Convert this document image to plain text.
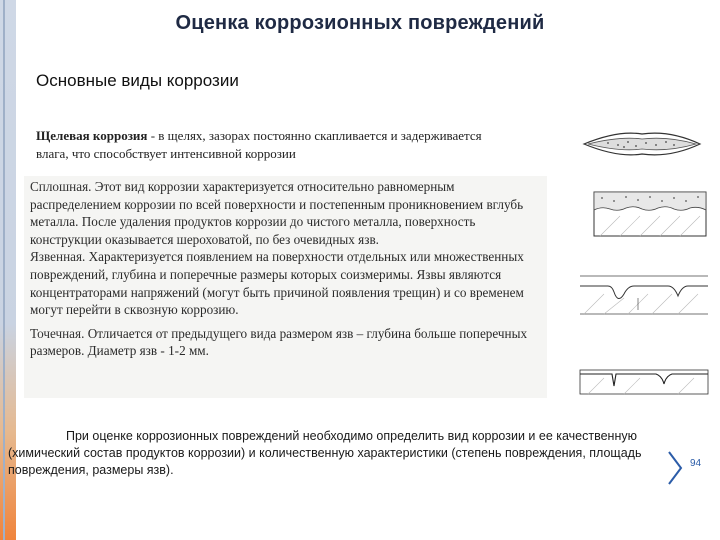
Оценка коррозионных повреждений
Основные виды коррозии
Щелевая коррозия - в щелях, зазорах постоянно скапливается и задерживается влага, что способствует интенсивной коррозии

Сплошная. Этот вид коррозии характеризуется относительно равномерным распределением коррозии по всей поверхности и постепенным проникновением вглубь металла. После удаления продуктов коррозии до чистого металла, поверхность конструкции оказывается шероховатой, по без очевидных язв.

Язвенная. Характеризуется появлением на поверхности отдельных или множественных повреждений, глубина и поперечные размеры которых соизмеримы. Язвы являются концентраторами напряжений (могут быть причиной появления трещин) и со временем могут перейти в сквозную коррозию.

Точечная. Отличается от предыдущего вида размером язв – глубина больше поперечных размеров. Диаметр язв - 1-2 мм.

При оценке коррозионных повреждений необходимо определить вид коррозии и ее качественную (химический состав продуктов коррозии) и количественную характеристики (степень повреждения, площадь повреждения, размеры язв).	94
